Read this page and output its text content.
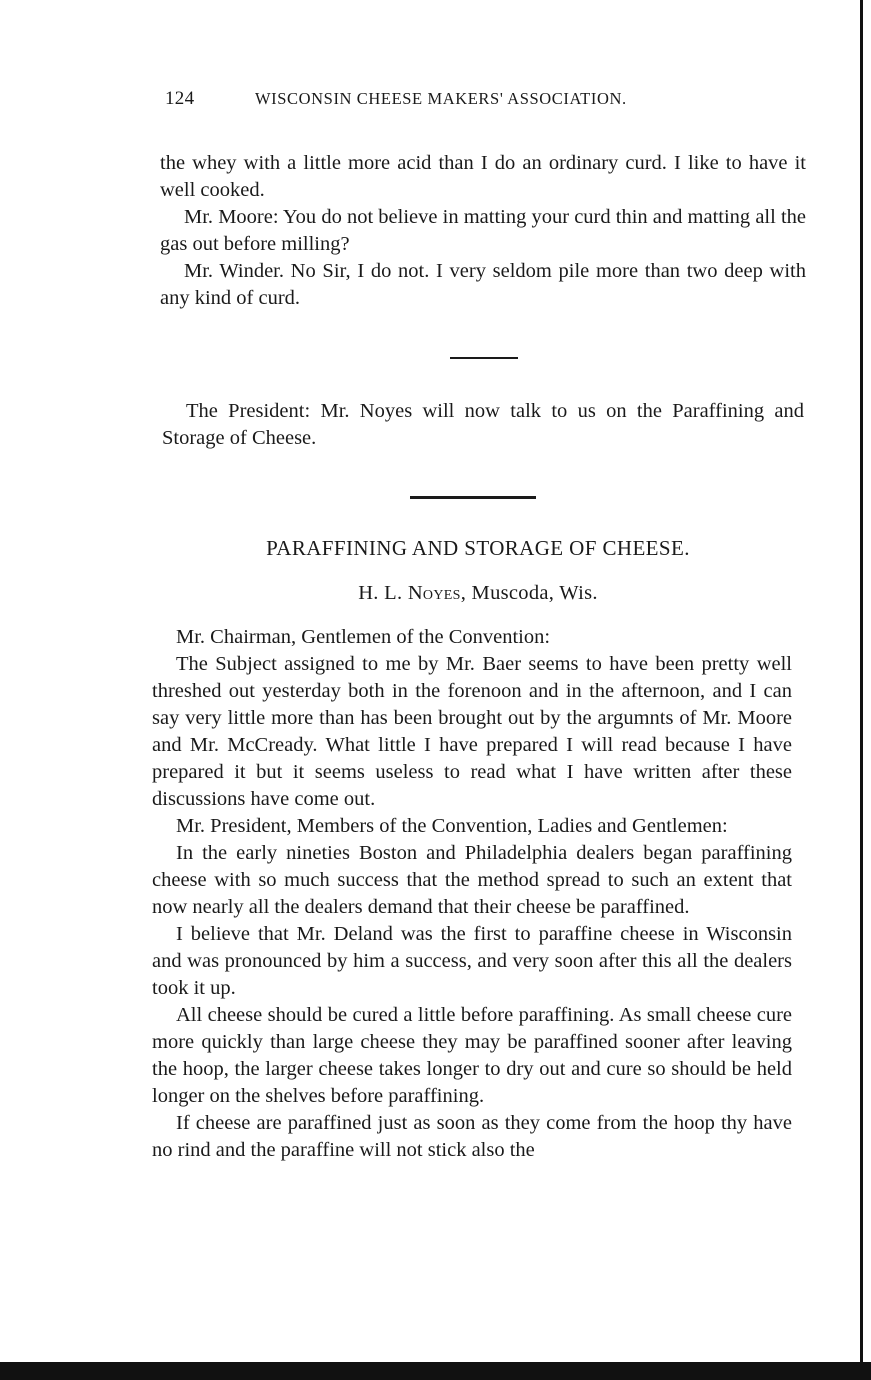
124	WISCONSIN CHEESE MAKERS' ASSOCIATION.

the whey with a little more acid than I do an ordinary curd. I like to have it well cooked.

Mr. Moore: You do not believe in matting your curd thin and matting all the gas out before milling?

Mr. Winder. No Sir, I do not. I very seldom pile more than two deep with any kind of curd.

The President: Mr. Noyes will now talk to us on the Paraffining and Storage of Cheese.

PARAFFINING AND STORAGE OF CHEESE.
H. L. Noyes, Muscoda, Wis.

Mr. Chairman, Gentlemen of the Convention:

The Subject assigned to me by Mr. Baer seems to have been pretty well threshed out yesterday both in the forenoon and in the afternoon, and I can say very little more than has been brought out by the argumnts of Mr. Moore and Mr. McCready. What little I have prepared I will read because I have prepared it but it seems useless to read what I have written after these discussions have come out.

Mr. President, Members of the Convention, Ladies and Gentlemen:

In the early nineties Boston and Philadelphia dealers began paraffining cheese with so much success that the method spread to such an extent that now nearly all the dealers demand that their cheese be paraffined.

I believe that Mr. Deland was the first to paraffine cheese in Wisconsin and was pronounced by him a success, and very soon after this all the dealers took it up.

All cheese should be cured a little before paraffining. As small cheese cure more quickly than large cheese they may be paraffined sooner after leaving the hoop, the larger cheese takes longer to dry out and cure so should be held longer on the shelves before paraffining.

If cheese are paraffined just as soon as they come from the hoop thy have no rind and the paraffine will not stick also the
